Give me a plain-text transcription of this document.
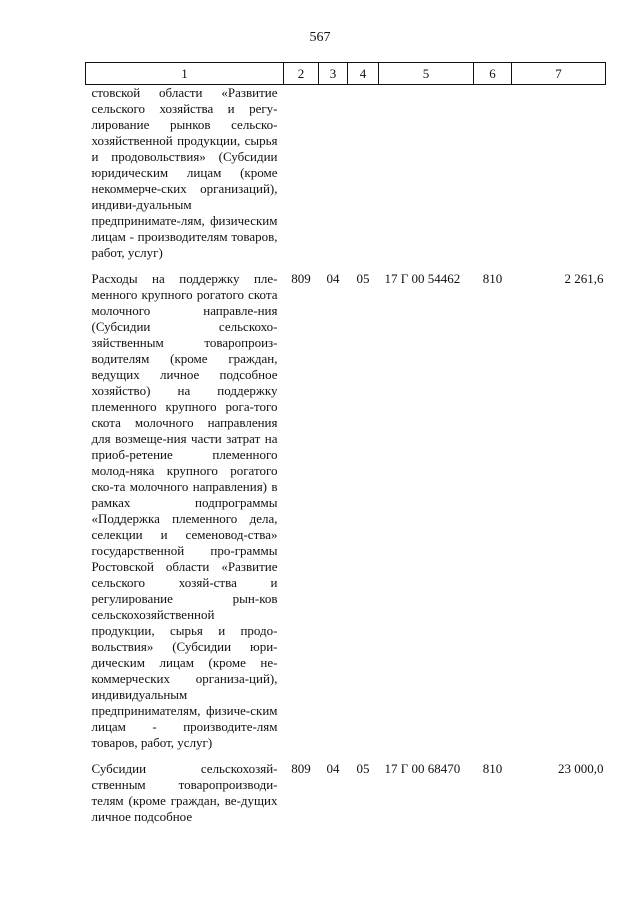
567
1	2	3	4	5	6	7
стовской области «Развитие сельского хозяйства и регу-лирование рынков сельско-хозяйственной продукции, сырья и продовольствия» (Субсидии юридическим лицам (кроме некоммерче-ских организаций), индиви-дуальным предпринимате-лям, физическим лицам - производителям товаров, работ, услуг)						

Расходы на поддержку пле-менного крупного рогатого скота молочного направле-ния (Субсидии сельскохо-зяйственным товаропроиз-водителям (кроме граждан, ведущих личное подсобное хозяйство) на поддержку племенного крупного рога-того скота молочного направления для возмеще-ния части затрат на приоб-ретение племенного молод-няка крупного рогатого ско-та молочного направления) в рамках подпрограммы «Поддержка племенного дела, селекции и семеновод-ства» государственной про-граммы Ростовской области «Развитие сельского хозяй-ства и регулирование рын-ков сельскохозяйственной продукции, сырья и продо-вольствия» (Субсидии юри-дическим лицам (кроме не-коммерческих организа-ций), индивидуальным предпринимателям, физиче-ским лицам - производите-лям товаров, работ, услуг)	809	04	05	17 Г 00 54462	810	2 261,6

Субсидии сельскохозяй-ственным товаропроизводи-телям (кроме граждан, ве-дущих личное подсобное	809	04	05	17 Г 00 68470	810	23 000,0
